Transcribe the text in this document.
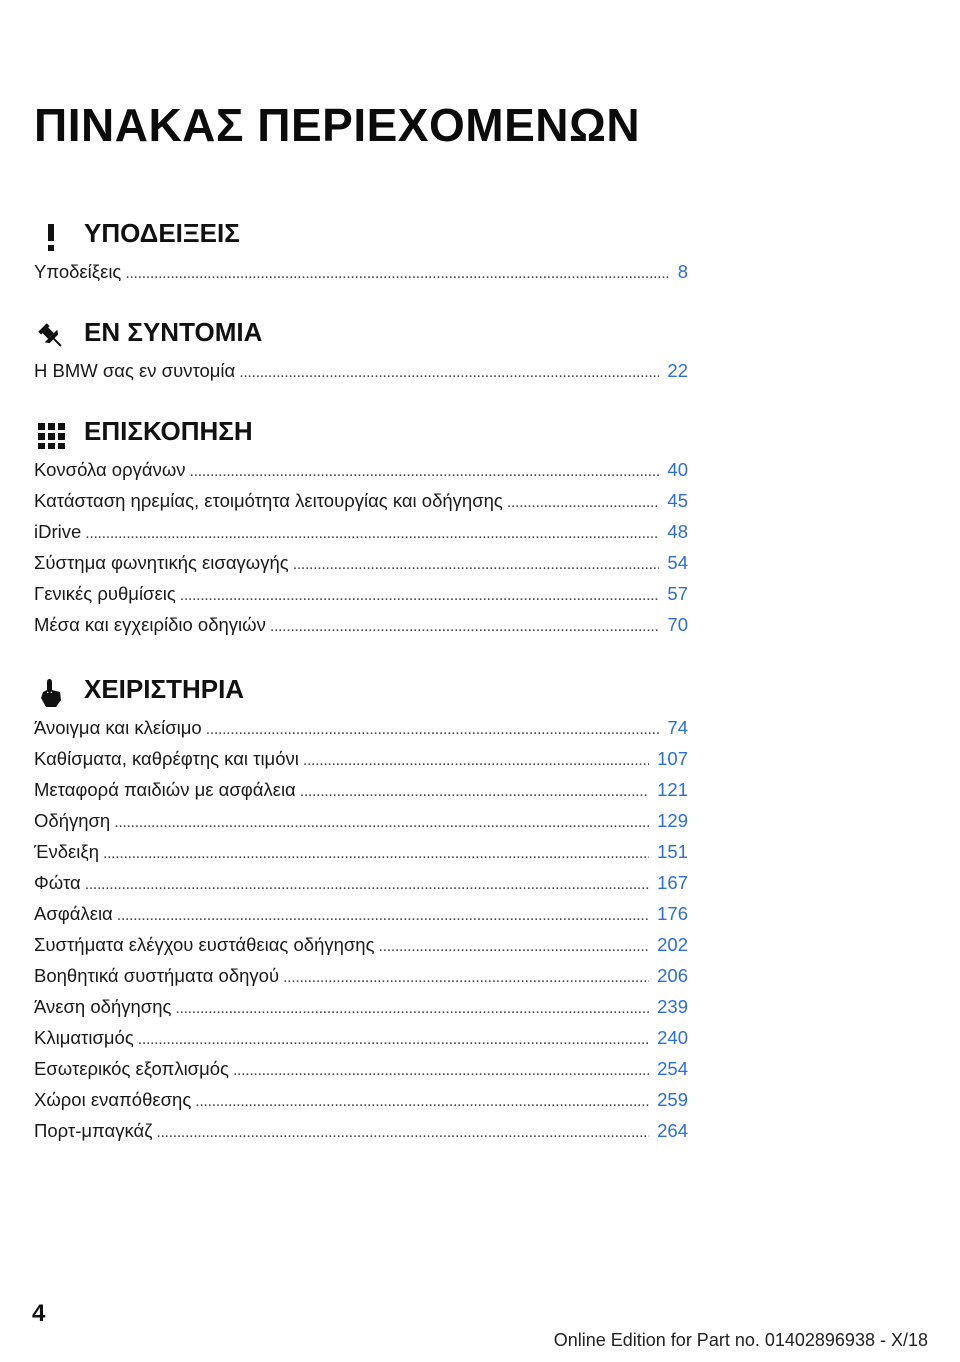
ΠΙΝΑΚΑΣ ΠΕΡΙΕΧΟΜΕΝΩΝ
ΥΠΟΔΕΙΞΕΙΣ
Υποδείξεις . . .	8
ΕΝ ΣΥΝΤΟΜΙΑ
Η BMW σας εν συντομία . . .	22
ΕΠΙΣΚΟΠΗΣΗ
Κονσόλα οργάνων . . .	40
Κατάσταση ηρεμίας, ετοιμότητα λειτουργίας και οδήγησης . . .	45
iDrive . . .	48
Σύστημα φωνητικής εισαγωγής . . .	54
Γενικές ρυθμίσεις . . .	57
Μέσα και εγχειρίδιο οδηγιών . . .	70
ΧΕΙΡΙΣΤΗΡΙΑ
Άνοιγμα και κλείσιμο . . .	74
Καθίσματα, καθρέφτης και τιμόνι . . .	107
Μεταφορά παιδιών με ασφάλεια . . .	121
Οδήγηση . . .	129
Ένδειξη . . .	151
Φώτα . . .	167
Ασφάλεια . . .	176
Συστήματα ελέγχου ευστάθειας οδήγησης . . .	202
Βοηθητικά συστήματα οδηγού . . .	206
Άνεση οδήγησης . . .	239
Κλιματισμός . . .	240
Εσωτερικός εξοπλισμός . . .	254
Χώροι εναπόθεσης . . .	259
Πορτ-μπαγκάζ . . .	264
4
Online Edition for Part no. 01402896938 - X/18
